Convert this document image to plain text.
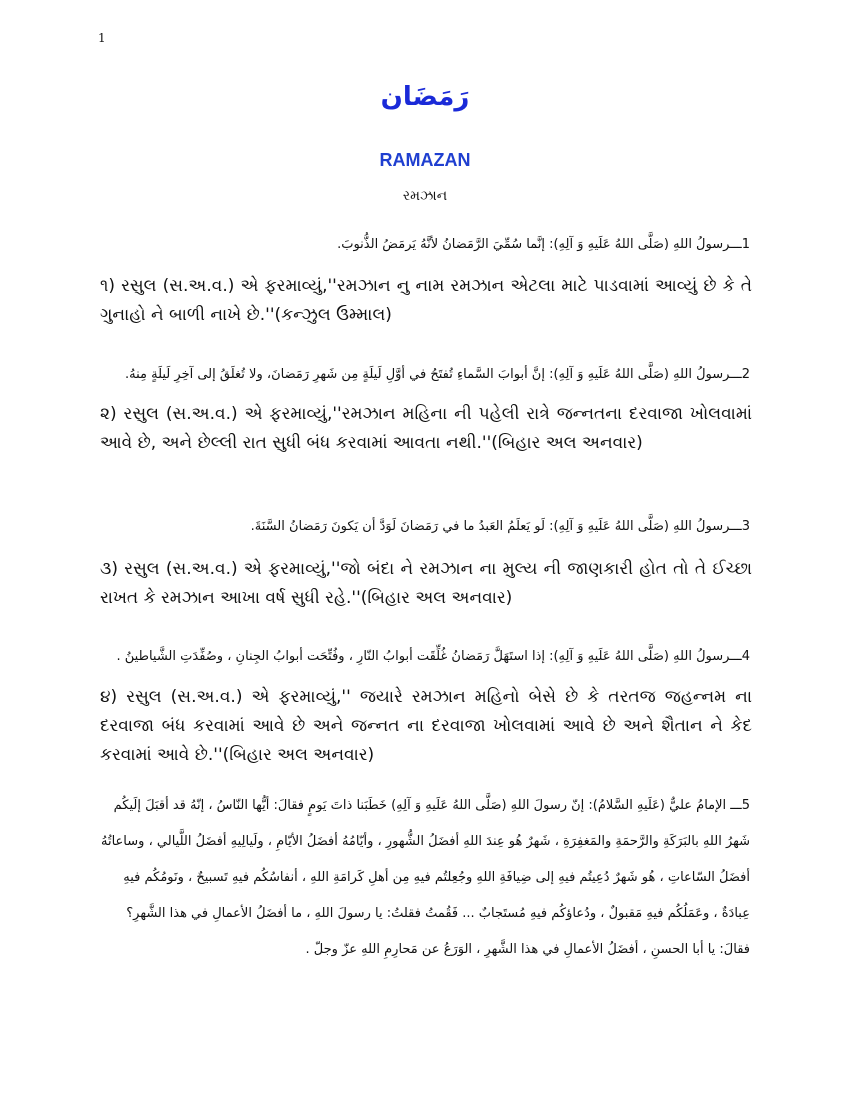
1
رَمَضَان
RAMAZAN
રમઝાન
1ـــرسولُ اللهِ (صَلَّى اللهُ عَلَيهِ وَ آلِهِ): إنَّما سُمِّيَ الرَّمَضانُ لأنَّهُ يَرمَضُ الذُّنوبَ.
૧) રસુલ (સ.અ.વ.) એ ફરમાવ્યું,''રમઝાન નુ નામ રમઝાન એટલા માટે પાડવામાં આવ્યું છે કે તે ગુનાહો ને બાળી નાખે છે.''(કન્ઝુલ ઉમ્માલ)
2ـــرسولُ اللهِ (صَلَّى اللهُ عَلَيهِ وَ آلِهِ): إنَّ أبوابَ السَّماءِ تُفتَحُ في أوَّلِ لَيلَةٍ مِن شَهرِ رَمَضانَ، ولا تُغلَقُ إلى آخِرِ لَيلَةٍ مِنهُ.
૨) રસુલ (સ.અ.વ.) એ ફરમાવ્યું,''રમઝાન મહિના ની પહેલી રાત્રે જન્નતના દરવાજા ખોલવામાં આવે છે, અને છેલ્લી રાત સુધી બંધ કરવામાં આવતા નથી.''(બિહાર અલ અનવાર)
3ـــرسولُ اللهِ (صَلَّى اللهُ عَلَيهِ وَ آلِهِ): لَو يَعلَمُ العَبدُ ما في رَمَضانَ لَوَدَّ أن يَكونَ رَمَضانُ السَّنَةَ.
૩) રસુલ (સ.અ.વ.) એ ફરમાવ્યું,''જો બંદા ને રમઝાન ના મુલ્ય ની જાણકારી હોત તો તે ઈચ્છા રાખત કે રમઝાન આખા વર્ષ સુધી રહે.''(બિહાર અલ અનવાર)
4ـــرسولُ اللهِ (صَلَّى اللهُ عَلَيهِ وَ آلِهِ): إذا استَهَلَّ رَمَضانُ غُلِّقَت أبوابُ النّارِ ، وفُتِّحَت أبوابُ الجِنانِ ، وصُفِّدَتِ الشَّياطينُ .
૪) રસુલ (સ.અ.વ.) એ ફરમાવ્યું,'' જયારે રમઝાન મહિનો બેસે છે કે તરતજ જહન્નમ ના દરવાજા બંધ કરવામાં આવે છે અને જન્નત ના દરવાજા ખોલવામાં આવે છે અને શૈતાન ને કેદ કરવામાં આવે છે.''(બિહાર અલ અનવાર)
5ـــ الإمامُ عليٌّ (عَلَيهِ السَّلامُ): إنّ رسولَ اللهِ (صَلَّى اللهُ عَلَيهِ وَ آلِهِ) خَطَبَنا ذاتَ يَومٍ فقالَ: أيُّها النّاسُ ، إنّهُ قد أقبَلَ إلَيكُم شَهرُ اللهِ بالبَرَكَةِ والرَّحمَةِ والمَغفِرَةِ ، شَهرٌ هُو عِندَ اللهِ أفضَلُ الشُّهورِ ، وأيّامُهُ أفضَلُ الأيّامِ ، ولَيالِيهِ أفضَلُ اللَّيالي ، وساعاتُهُ أفضَلُ السّاعاتِ ، هُو شَهرٌ دُعِيتُم فيهِ إلى ضِيافَةِ اللهِ وجُعِلتُم فيهِ مِن أهلِ كَرامَةِ اللهِ ، أنفاسُكُم فيهِ تَسبيحٌ ، ونَومُكُم فيهِ عِبادَةٌ ، وعَمَلُكُم فيهِ مَقبولٌ ، ودُعاؤكُم فيهِ مُستَجابٌ ... فَقُمتُ فقلتُ: يا رسولَ اللهِ ، ما أفضَلُ الأعمالِ في هذا الشَّهرِ؟ فقالَ: يا أبا الحسنِ ، أفضَلُ الأعمالِ في هذا الشَّهرِ ، الوَرَعُ عن مَحارِمِ اللهِ عزّ وجلّ .
